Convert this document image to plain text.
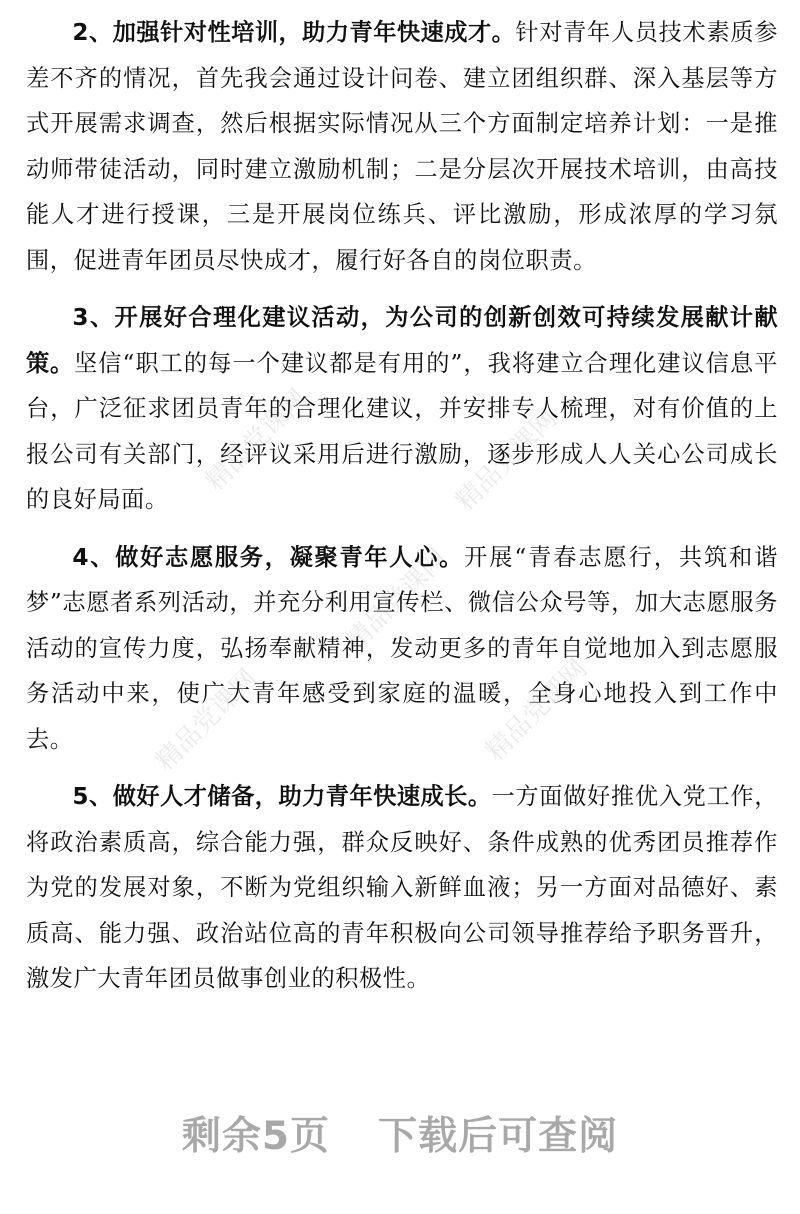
精品党课网	精品党课网
精品党课网
精品党课网	精品党课网

2、加强针对性培训，助力青年快速成才。针对青年人员技术素质参差不齐的情况，首先我会通过设计问卷、建立团组织群、深入基层等方式开展需求调查，然后根据实际情况从三个方面制定培养计划：一是推动师带徒活动，同时建立激励机制；二是分层次开展技术培训，由高技能人才进行授课，三是开展岗位练兵、评比激励，形成浓厚的学习氛围，促进青年团员尽快成才，履行好各自的岗位职责。

3、开展好合理化建议活动，为公司的创新创效可持续发展献计献策。坚信“职工的每一个建议都是有用的”，我将建立合理化建议信息平台，广泛征求团员青年的合理化建议，并安排专人梳理，对有价值的上报公司有关部门，经评议采用后进行激励，逐步形成人人关心公司成长的良好局面。

4、做好志愿服务，凝聚青年人心。开展“青春志愿行，共筑和谐梦”志愿者系列活动，并充分利用宣传栏、微信公众号等，加大志愿服务活动的宣传力度，弘扬奉献精神，发动更多的青年自觉地加入到志愿服务活动中来，使广大青年感受到家庭的温暖，全身心地投入到工作中去。

5、做好人才储备，助力青年快速成长。一方面做好推优入党工作，将政治素质高，综合能力强，群众反映好、条件成熟的优秀团员推荐作为党的发展对象，不断为党组织输入新鲜血液；另一方面对品德好、素质高、能力强、政治站位高的青年积极向公司领导推荐给予职务晋升，激发广大青年团员做事创业的积极性。

剩余5页 下载后可查阅
